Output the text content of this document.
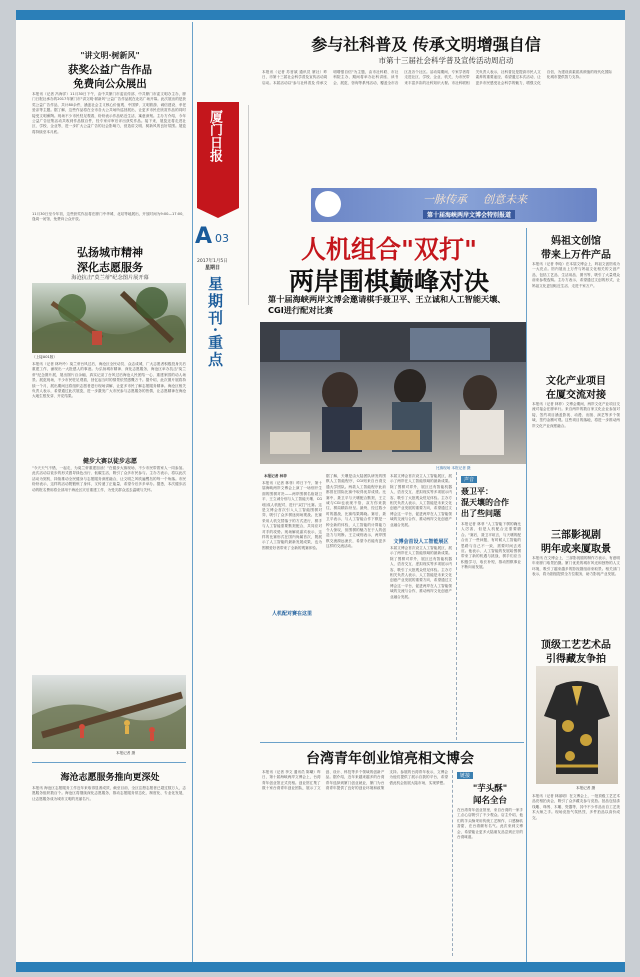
"讲文明·树新风"
获奖公益广告作品
免费向公众展出
本报讯（记者 冯海洋）11月30日下午，由中共厦门市委宣传部、中共厦门市委文明办主办，厦门日报社承办的2017年厦门市"讲文明·树新风"公益广告作品展在北站广场开幕。此次展出的是获奖公益广告作品，共计80余件，涵盖社会主义核心价值观、中国梦、文明旅游、诚信建设、孝老爱亲等主题。据了解，这些作品将在全市各大公共场所巡回展出，让更多市民在欣赏作品的同时接受文明熏陶。现场不少市民驻足观看，纷纷表示作品贴近生活、寓意深刻。主办方介绍，今年公益广告征集活动共收到作品数百件，经专家评审后评出获奖作品。接下来，展览还将走进社区、学校、企业等，进一步扩大公益广告的社会影响力，营造讲文明、树新风的良好氛围。展览将持续至本月底。
11月30日至今年初，这些获奖作品将在厦门中华城、北站等地展出，开放时间为9:00—17:00，逢周一闭馆，免费向公众开放。
弘扬城市精神
深化志愿服务
海沧抗击"莫兰蒂"纪念图片展开幕
（上接A01版）
本报讯（记者 林玲玲）莫兰蒂台风过后，海沧区全民动员、众志成城，广大志愿者积极投身灾后重建工作，涌现出一大批感人的事迹。为弘扬城市精神、深化志愿服务，海沧区举办抗击"莫兰蒂"纪念图片展，展出图片百余幅，真实记录了台风过后海沧人民团结一心、重建家园的动人场景。展览现场，不少市民驻足观看，回忆起当时的情景依然感慨万千。据介绍，此次图片展将持续一个月，展出期间还将组织志愿者进行现场讲解，让更多市民了解志愿服务精神。海沧区相关负责人表示，希望通过此次展览，进一步激发广大市民参与志愿服务的热情，让志愿精神在海沧大地生根发芽、开花结果。
健步大赛以徒步志愿
"今天天气不错，一起走，为莫兰蒂重建加油！"在健步大赛现场，不少市民带着家人一同参加。此次活动以徒步的形式倡导绿色出行、低碳生活，吸引了众多市民参与。主办方表示，将以此次活动为契机，持续推动全民健身与志愿服务深度融合，让文明之风吹遍鹭岛的每一个角落。市民纷纷表示，这样的活动既锻炼了身体，又传递了正能量，希望今后多多举办。据悉，本次健步活动的报名费用将全部用于海沧区灾后重建工作，为受灾群众送去温暖与关怀。
本报记者 摄
海沧志愿服务推向更深处
本报讯 海沧区志愿服务工作近年来取得显著成效，截至目前，全区注册志愿者已超过数万人，志愿服务组织数百个。海沧区将继续深化志愿服务，推动志愿服务常态化、制度化、专业化发展，让志愿服务成为城市文明的亮丽名片。
厦门日报
A 03
2017年 1月5日
星期日
星期刊·重点
参与社科普及 传承文明增强自信
市第十三届社会科学普及宣传活动周启动
本报讯（记者 苏晋斌 通讯员 厦社）昨日，市第十三届社会科学普及宣传活动周启动。本届活动以"参与社科普及 传承文明增强自信"为主题，由市社科联、市社科院主办，期间将举办社科讲座、读书会、展览、咨询等系列活动，覆盖全市各区及各个社区。活动周期间，专家学者将走进社区、学校、企业、机关，为市民带来丰富多彩的社科知识大餐。市社科联相关负责人表示，社科普及是提高市民人文素养的重要途径，希望通过本次活动，让更多市民感受社会科学的魅力，增强文化自信，为建设高素质高颜值的现代化国际化城市提供智力支持。
一脉传承 创意未来
第十届海峡两岸文博会特别报道
人机组合"双打"
两岸围棋巅峰对决
第十届海峡两岸文博会邀请棋手聂卫平、王立诚和人工智能天壤、CGI进行配对比赛
比赛现场 本报记者 摄
本报记者 林菲
本报讯（记者 林菲）昨日下午，第十届海峡两岸文博会上演了一场别开生面的围棋对决——两岸围棋名宿聂卫平、王立诚分别与人工智能天壤、CGI组成人机配对，进行"双打"比赛。这是文博会首次引入人工智能围棋对弈，吸引了众多棋迷到场观战。比赛采用人机交替落子的方式进行，棋手与人工智能需要默契配合，共同应对对手的攻势。现场解说嘉宾表示，这样的比赛形式在国内尚属首次，既展示了人工智能的最新发展成果，也为围棋爱好者带来了全新的观赛体验。
人机配对赛在这里
据了解，天壤是由大陆团队研发的围棋人工智能程序，CGI则来自台湾交通大学团队。两款人工智能程序此前都曾在国际比赛中取得优异成绩。比赛中，聂卫平与天壤配合默契，王立诚与CGI也表现不俗，双方你来我往，棋局精彩纷呈。最终，经过数小时的激战，比赛结果揭晓。赛后，聂卫平表示，与人工智能合作下棋是一种全新的体验，人工智能的计算能力令人惊叹，但围棋的魅力在于人的创造力与判断。王立诚则表示，两岸围棋交流源远流长，希望今后能有更多这样的交流活动。
文博会首设人工智能展区
本届文博会首次设立人工智能展区，展示了两岸在人工智能领域的最新成果。除了围棋对弈外，展区还有智能机器人、语音交互、虚拟现实等多项展示内容，吸引了大批观众驻足体验。主办方相关负责人表示，人工智能是未来文化创意产业发展的重要方向，希望通过文博会这一平台，促进两岸在人工智能领域的交流与合作，推动两岸文化创意产业融合发展。
本届文博会首次设立人工智能展区，展示了两岸在人工智能领域的最新成果。除了围棋对弈外，展区还有智能机器人、语音交互、虚拟现实等多项展示内容，吸引了大批观众驻足体验。主办方相关负责人表示，人工智能是未来文化创意产业发展的重要方向，希望通过文博会这一平台，促进两岸在人工智能领域的交流与合作，推动两岸文化创意产业融合发展。
声音
聂卫平：
混天壤的合作
出了些问题
本报记者 林菲 "人工智能下棋的确比人厉害，但是人机配合还需要磨合。"赛后，聂卫平坦言，与天壤的配合出了一些问题，有时候人工智能的思路与自己不一致，需要时间去适应。他表示，人工智能的发展给围棋带来了新的机遇与挑战，棋手们应当积极学习，取长补短，推动围棋事业不断向前发展。
台湾青年创业馆亮相文博会
本报讯（记者 李文 通讯员 陈曦）昨日，第十届海峡两岸文博会上，台湾青年创业馆正式亮相。创业馆汇集了数十家台湾青年创业团队，展示了文创、设计、科技等多个领域的创新产品。据介绍，近年来越来越多的台湾青年选择到厦门创业就业，厦门为台湾青年提供了良好的创业环境和政策支持。参展的台湾青年表示，文博会为他们提供了展示自我的平台，希望借此机会拓展大陆市场，实现梦想。
链接
"芋头酥"
闻名全台
在台湾青年创业馆里，来自台湾的一家手工点心店吸引了不少观众。店主介绍，他们的芋头酥采用传统工艺制作，口感酥软香甜，在台湾颇有名气。此次来到文博会，希望能让更多大陆朋友品尝到正宗的台湾味道。
妈祖文创馆
带来上万件产品
本报讯（记者 李晗）在本届文博会上，妈祖文创馆成为一大亮点。馆内展出上万件与妈祖文化相关的文创产品，包括工艺品、生活用品、图书等，吸引了大量观众前来参观选购。主办方表示，希望通过文创的形式，让妈祖文化更加贴近生活、走进千家万户。
文化产业项目
在厦交流对接
本报讯（记者 林菲）文博会期间，两岸文化产业项目交流对接会在厦举行。来自两岸的数百家文化企业参加对接，签约项目涵盖影视、动漫、出版、演艺等多个领域，签约金额可观。这些项目的落地，将进一步推动两岸文化产业深度融合。
三部影视剧
明年或来厦取景
本报讯 在文博会上，三部影视剧的制作方表示，有意明年来厦门取景拍摄。厦门优美的城市风光和独特的人文环境，吸引了越来越多的影视剧组前来取景。相关部门表示，将为剧组提供全方位服务，助力影视产业发展。
顶级工艺艺术品
引得藏友争拍
本报记者 摄
本报讯（记者 林丽明）在文博会上，一批顶级工艺艺术品亮相拍卖会，吸引了众多藏友参与竞拍。拍品包括漆线雕、珠绣、木雕、瓷器等，其中不少作品出自工艺美术大师之手。现场竞拍气氛热烈，多件拍品以高价成交。
